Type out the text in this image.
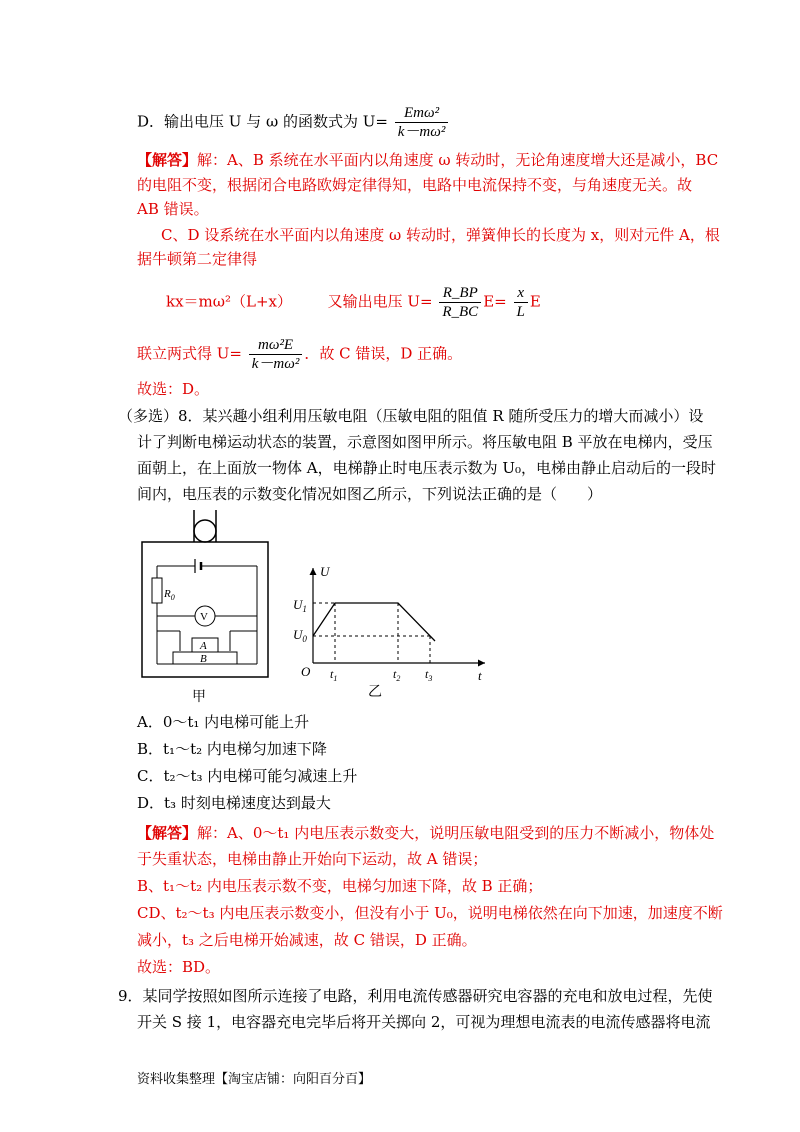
D．输出电压 U 与 ω 的函数式为 $U= \frac{\text{Emω²}}{\text{k－mω²}}$
【解答】解：A、B 系统在水平面内以角速度 ω 转动时，无论角速度增大还是减小，BC
的电阻不变，根据闭合电路欧姆定律得知，电路中电流保持不变，与角速度无关。故
AB 错误。
C、D 设系统在水平面内以角速度 ω 转动时，弹簧伸长的长度为 x，则对元件 A，根
据牛顿第二定律得
kx＝mω²（L+x） 又输出电压 $U= \frac{R\_BP}{R\_BC} E= \frac{x}{L}$ E
联立两式得 $U= \frac{\text{mω²E}}{\text{k－mω²}}$ ．故 C 错误，D 正确。
故选：D。
（多选）8．某兴趣小组利用压敏电阻（压敏电阻的阻值 R 随所受压力的增大而减小）设
计了判断电梯运动状态的装置，示意图如图甲所示。将压敏电阻 B 平放在电梯内，受压
面朝上，在上面放一物体 A，电梯静止时电压表示数为 U₀，电梯由静止启动后的一段时
间内，电压表的示数变化情况如图乙所示，下列说法正确的是（　　）
$R_0$
V
A
B
甲
U
t
O
$U_1$
$U_0$
$t_1$	$t_2$ $t_3$
乙
A．0～t₁ 内电梯可能上升
B．t₁～t₂ 内电梯匀加速下降
C．t₂～t₃ 内电梯可能匀减速上升
D．t₃ 时刻电梯速度达到最大
【解答】解：A、0～t₁ 内电压表示数变大，说明压敏电阻受到的压力不断减小，物体处
于失重状态，电梯由静止开始向下运动，故 A 错误；
B、t₁～t₂ 内电压表示数不变，电梯匀加速下降，故 B 正确；
CD、t₂～t₃ 内电压表示数变小，但没有小于 U₀，说明电梯依然在向下加速，加速度不断
减小，t₃ 之后电梯开始减速，故 C 错误，D 正确。
故选：BD。
9．某同学按照如图所示连接了电路，利用电流传感器研究电容器的充电和放电过程，先使
开关 S 接 1，电容器充电完毕后将开关掷向 2，可视为理想电流表的电流传感器将电流
资料收集整理【淘宝店铺：向阳百分百】
